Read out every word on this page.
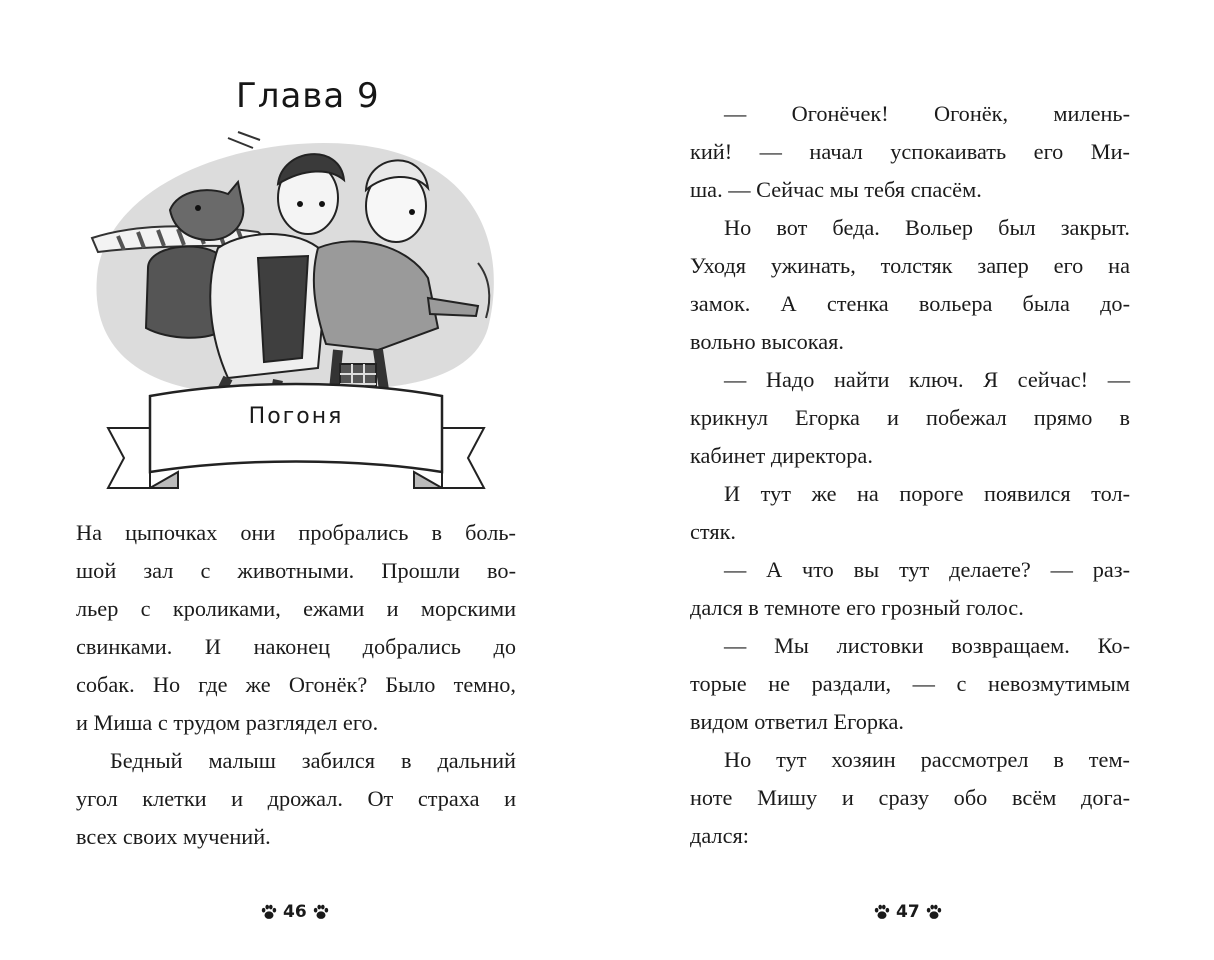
Глава 9
Погоня
На цыпочках они пробрались в боль-
шой зал с животными. Прошли во-
льер с кроликами, ежами и морскими
свинками. И наконец добрались до
собак. Но где же Огонёк? Было темно,
и Миша с трудом разглядел его.
Бедный малыш забился в дальний
угол клетки и дрожал. От страха и
всех своих мучений.
46
— Огонёчек! Огонёк, милень-
кий! — начал успокаивать его Ми-
ша. — Сейчас мы тебя спасём.
Но вот беда. Вольер был закрыт.
Уходя ужинать, толстяк запер его на
замок. А стенка вольера была до-
вольно высокая.
— Надо найти ключ. Я сейчас! —
крикнул Егорка и побежал прямо в
кабинет директора.
И тут же на пороге появился тол-
стяк.
— А что вы тут делаете? — раз-
дался в темноте его грозный голос.
— Мы листовки возвращаем. Ко-
торые не раздали, — с невозмутимым
видом ответил Егорка.
Но тут хозяин рассмотрел в тем-
ноте Мишу и сразу обо всём дога-
дался:
47
